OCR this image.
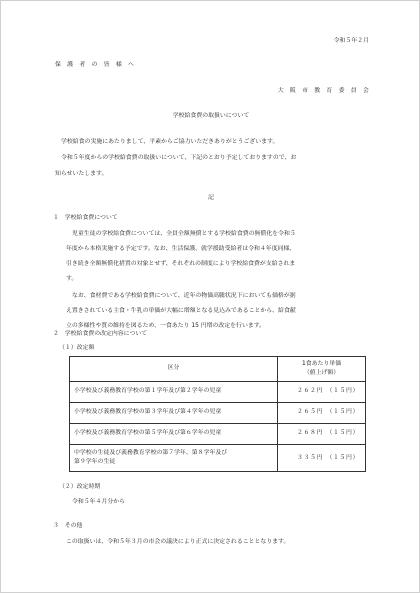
令和５年２月
保 護 者 の 皆 様 へ
大 阪 市 教 育 委 員 会
学校給食費の取扱いについて
学校給食の実施にあたりまして、平素からご協力いただきありがとうございます。
令和５年度からの学校給食費の取扱いについて、下記のとおり予定しておりますので、お
知らせいたします。
記
１　学校給食費について
児童生徒の学校給食費については、全員全額無償とする学校給食費の無償化を令和５
年度から本格実施する予定です。なお、生活保護、就学援助受給者は令和４年度同様、
引き続き全額無償化措置の対象とせず、それぞれの制度により学校給食費が支給されま
す。
なお、食材費である学校給食費について、近年の物価高騰状況下においても価格が据
え置きされている主食・牛乳の単価が大幅に増額となる見込みであることから、給食献
立の多様性や質の維持を図るため、一食あたり 15 円増の改定を行います。
２　学校給食費の改定内容について
（１）改定額
区分	1食あたり単価
（値上げ額）

小学校及び義務教育学校の第１学年及び第２学年の児童	２６２円　（１５円）
小学校及び義務教育学校の第３学年及び第４学年の児童	２６５円　（１５円）
小学校及び義務教育学校の第５学年及び第６学年の児童	２６８円　（１５円）

中学校の生徒及び義務教育学校の第７学年、第８学年及び
第９学年の生徒	３３５円　（１５円）
（２）改定時期
令和５年４月分から
３　その他
この取扱いは、令和５年３月の市会の議決により正式に決定されることとなります。
